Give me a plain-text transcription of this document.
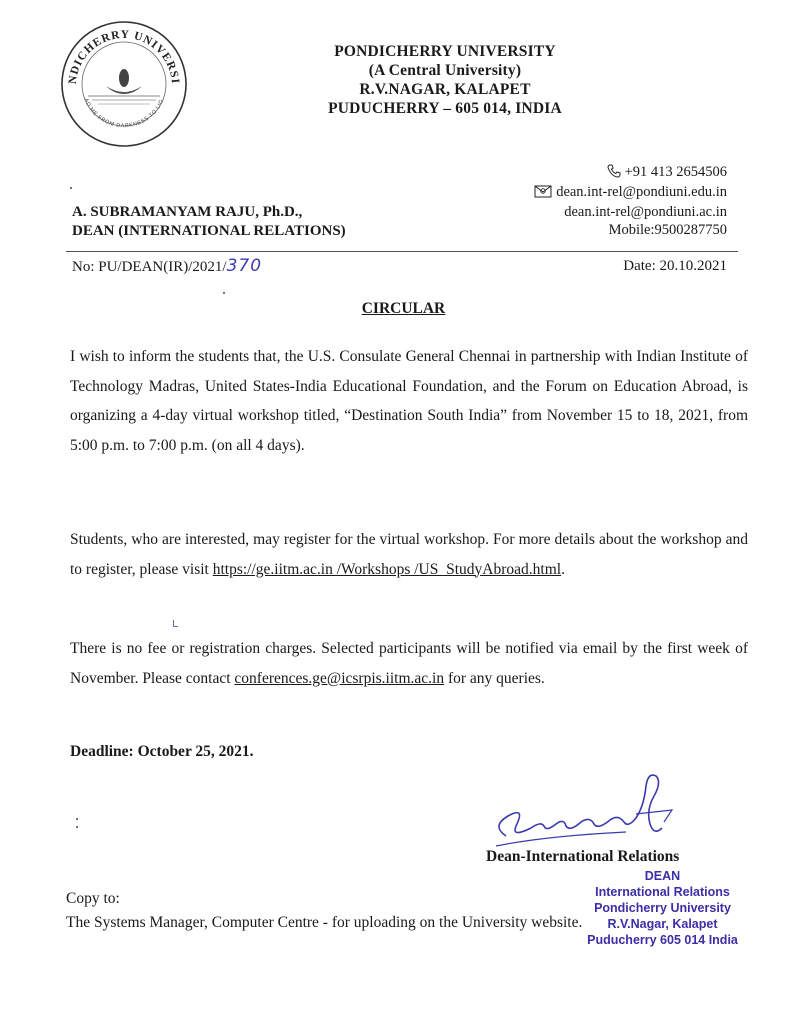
NDICHERRY UNIVERSI
AD ME FROM DARKNESS TO LIG
PONDICHERRY UNIVERSITY
(A Central University)
R.V.NAGAR, KALAPET
PUDUCHERRY – 605 014, INDIA
+91 413 2654506
dean.int-rel@pondiuni.edu.in
dean.int-rel@pondiuni.ac.in
Mobile:9500287750
A. SUBRAMANYAM RAJU, Ph.D.,
DEAN (INTERNATIONAL RELATIONS)
No: PU/DEAN(IR)/2021/370	Date: 20.10.2021
CIRCULAR

I wish to inform the students that, the U.S. Consulate General Chennai in partnership with Indian Institute of Technology Madras, United States-India Educational Foundation, and the Forum on Education Abroad, is organizing a 4-day virtual workshop titled, “Destination South India” from November 15 to 18, 2021, from 5:00 p.m. to 7:00 p.m. (on all 4 days).

Students, who are interested, may register for the virtual workshop. For more details about the workshop and to register, please visit https://ge.iitm.ac.in /Workshops /US_StudyAbroad.html.

There is no fee or registration charges. Selected participants will be notified via email by the first week of November. Please contact conferences.ge@icsrpis.iitm.ac.in for any queries.

Deadline: October 25, 2021.
Dean-International Relations
DEAN
International Relations
Pondicherry University
R.V.Nagar, Kalapet
Puducherry 605 014 India
Copy to:
The Systems Manager, Computer Centre - for uploading on the University website.
